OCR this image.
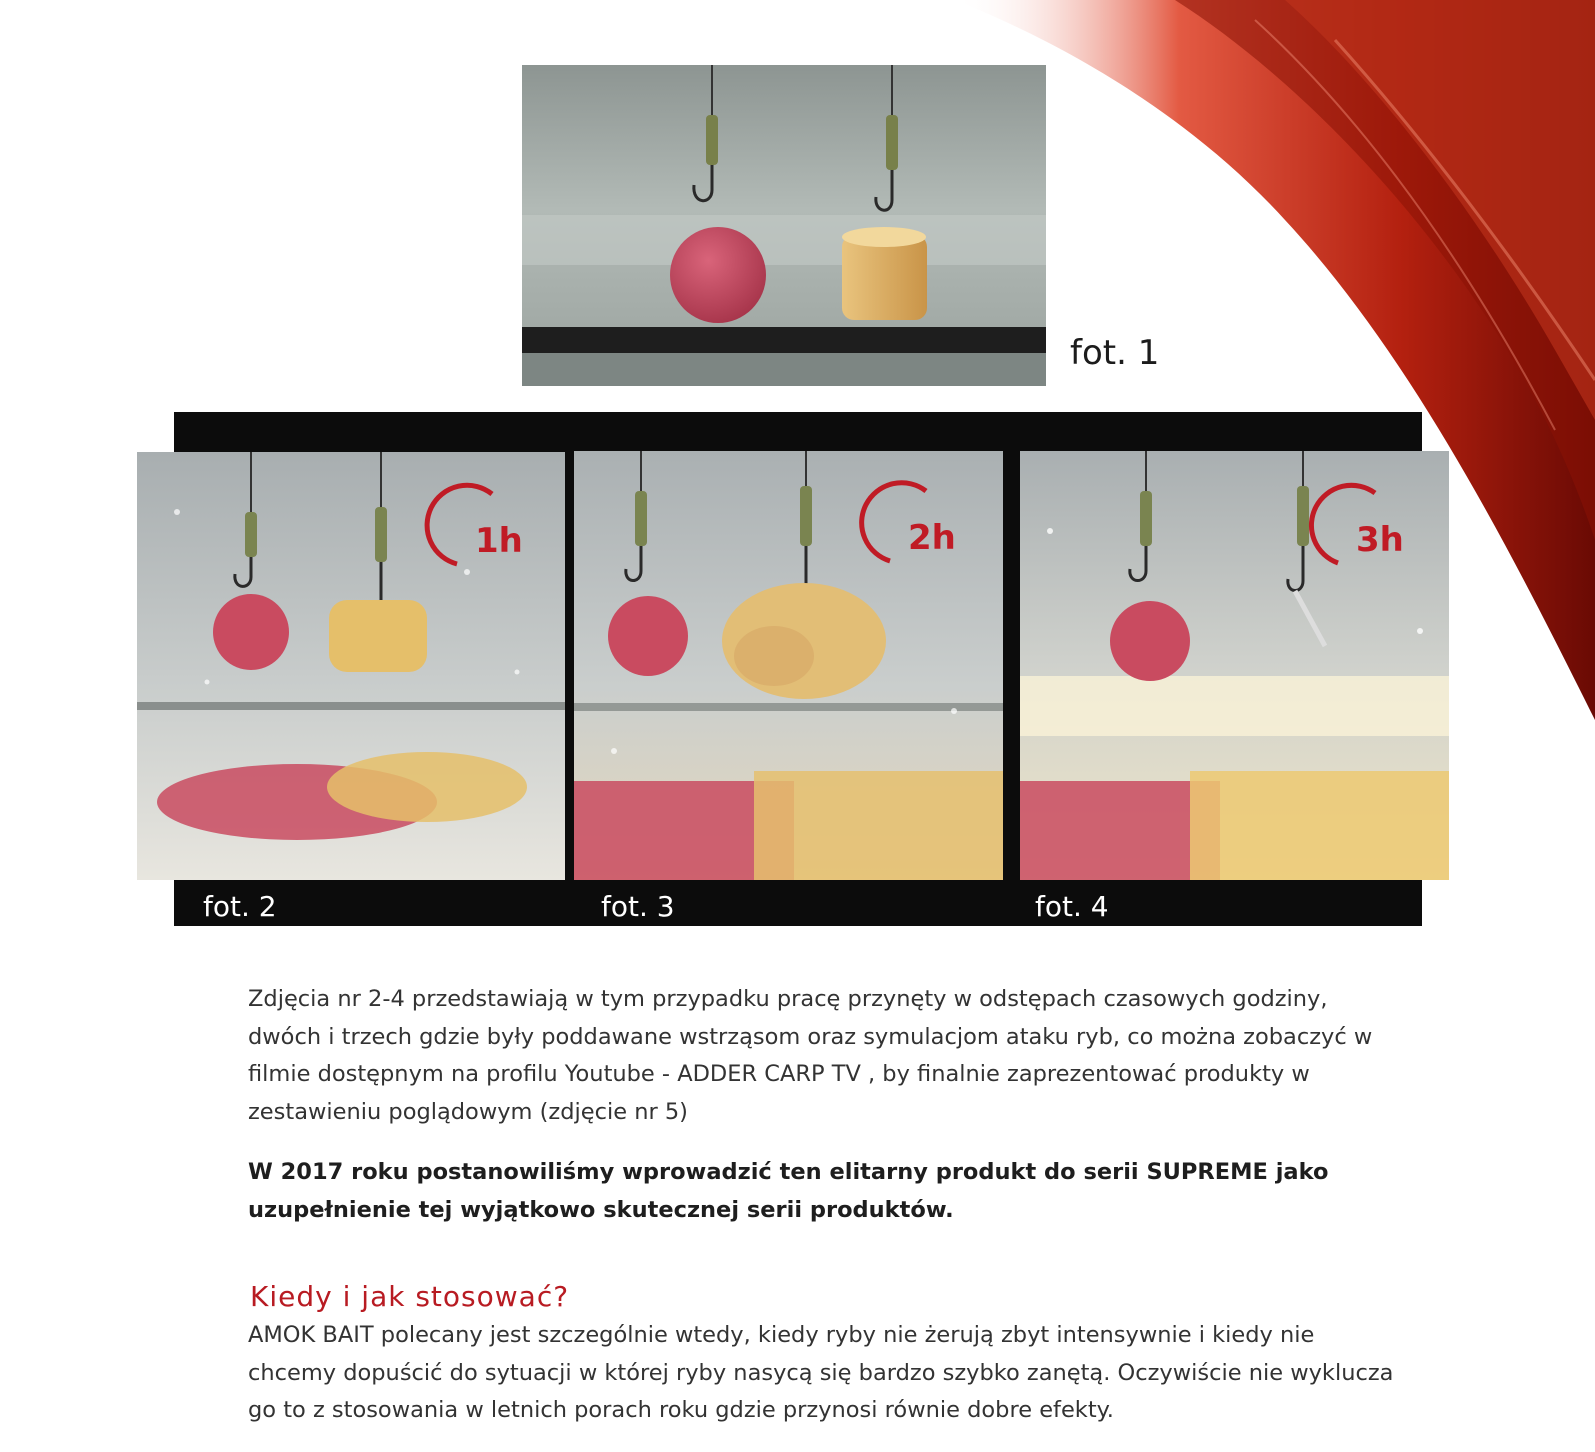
fot. 1
1h	2h	3h
fot. 2	fot. 3	fot. 4
Zdjęcia nr 2-4 przedstawiają w tym przypadku pracę przynęty w odstępach czasowych godziny, dwóch i trzech gdzie były poddawane wstrząsom oraz symulacjom ataku ryb, co można zobaczyć w filmie dostępnym na profilu Youtube - ADDER CARP TV , by finalnie zaprezentować produkty w zestawieniu poglądowym (zdjęcie nr 5)
W 2017 roku postanowiliśmy wprowadzić ten elitarny produkt do serii SUPREME jako uzupełnienie tej wyjątkowo skutecznej serii produktów.
Kiedy i jak stosować?
AMOK BAIT polecany jest szczególnie wtedy, kiedy ryby nie żerują zbyt intensywnie i kiedy nie chcemy dopuścić do sytuacji w której ryby nasycą się bardzo szybko zanętą. Oczywiście nie wyklucza go to z stosowania w letnich porach roku gdzie przynosi równie dobre efekty.
